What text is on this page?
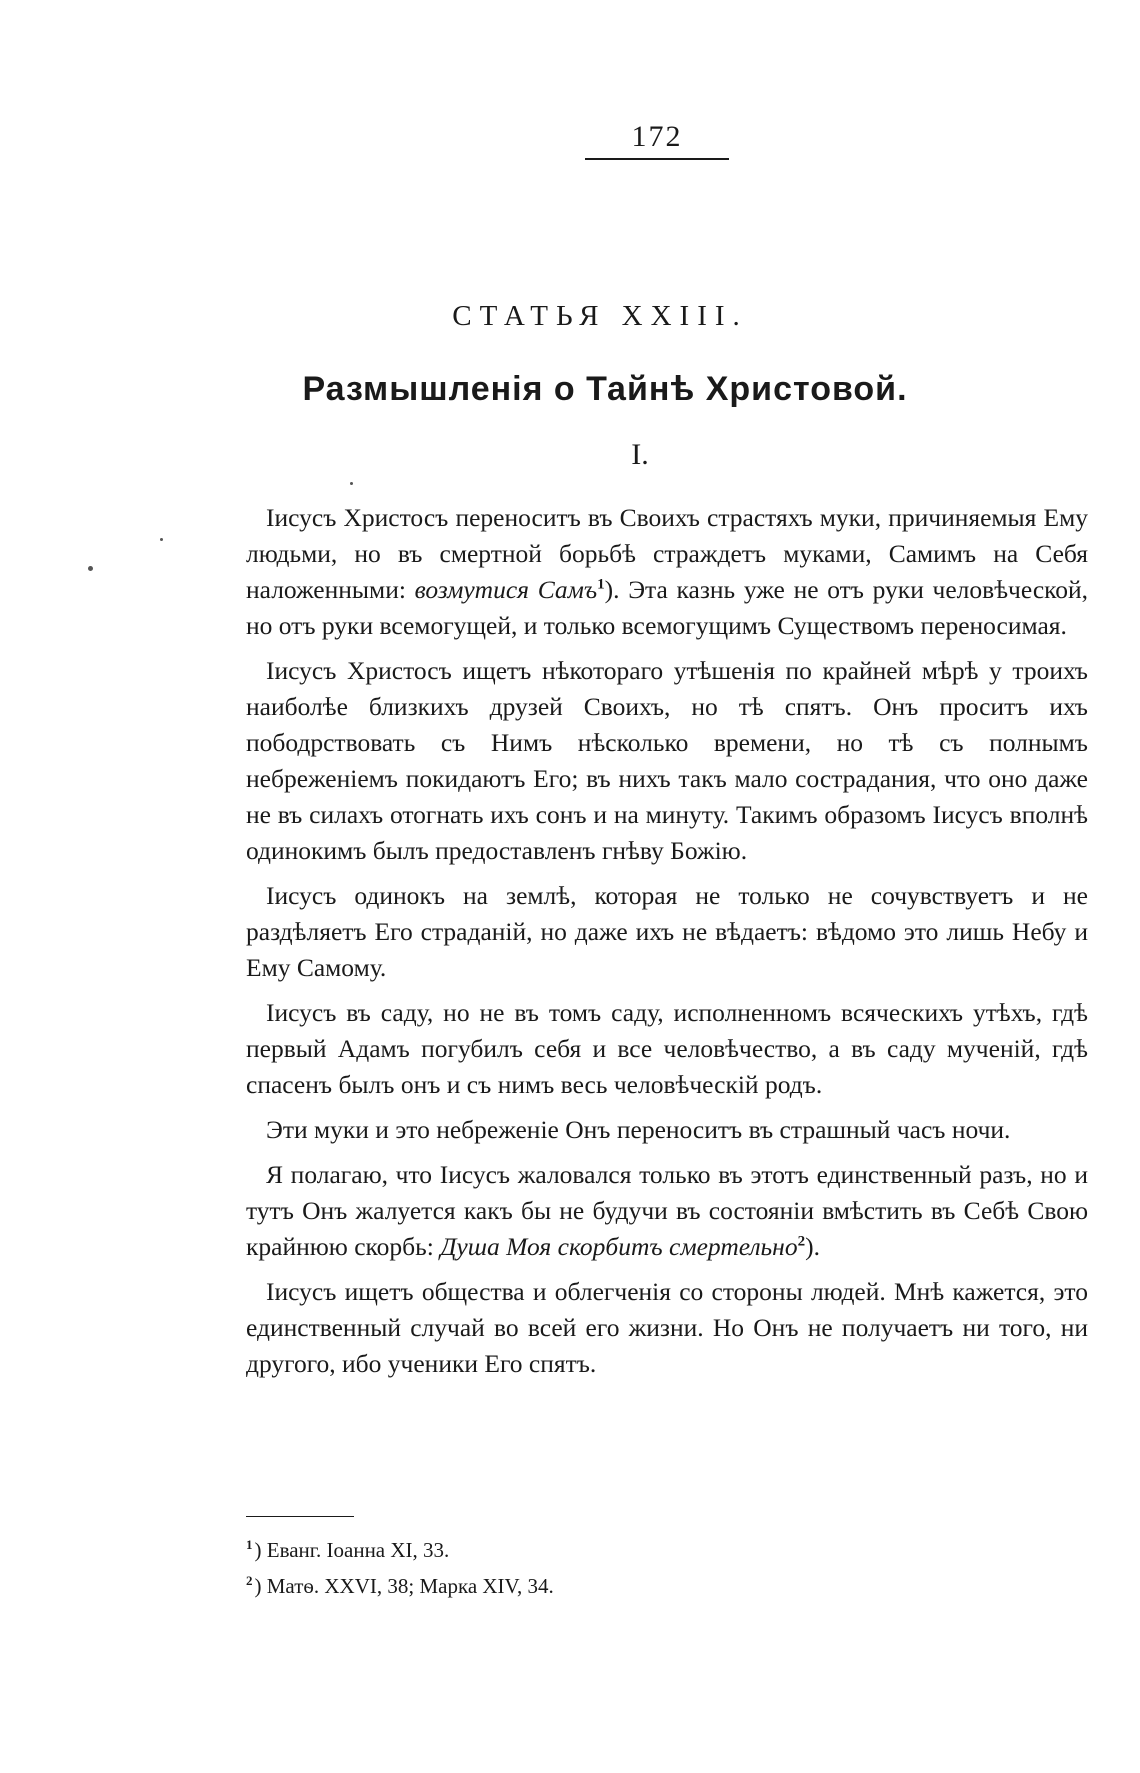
172
СТАТЬЯ XXIII.
Размышленія о Тайнѣ Христовой.
I.

Іисусъ Христосъ переноситъ въ Своихъ страстяхъ муки, причиняемыя Ему людьми, но въ смертной борьбѣ страждетъ муками, Самимъ на Себя наложенными: возмутися Самъ$^1$). Эта казнь уже не отъ руки человѣческой, но отъ руки всемогущей, и только всемогущимъ Существомъ переносимая.

Іисусъ Христосъ ищетъ нѣкотораго утѣшенія по крайней мѣрѣ у троихъ наиболѣе близкихъ друзей Своихъ, но тѣ спятъ. Онъ проситъ ихъ пободрствовать съ Нимъ нѣсколько времени, но тѣ съ полнымъ небреженіемъ покидаютъ Его; въ нихъ такъ мало сострадания, что оно даже не въ силахъ отогнать ихъ сонъ и на минуту. Такимъ образомъ Іисусъ вполнѣ одинокимъ былъ предоставленъ гнѣву Божію.

Іисусъ одинокъ на землѣ, которая не только не сочувствуетъ и не раздѣляетъ Его страданій, но даже ихъ не вѣдаетъ: вѣдомо это лишь Небу и Ему Самому.

Іисусъ въ саду, но не въ томъ саду, исполненномъ всяческихъ утѣхъ, гдѣ первый Адамъ погубилъ себя и все человѣчество, а въ саду мученій, гдѣ спасенъ былъ онъ и съ нимъ весь человѣческій родъ.

Эти муки и это небреженіе Онъ переноситъ въ страшный часъ ночи.

Я полагаю, что Іисусъ жаловался только въ этотъ единственный разъ, но и тутъ Онъ жалуется какъ бы не будучи въ состояніи вмѣстить въ Себѣ Свою крайнюю скорбь: Душа Моя скорбитъ смертельно$^2$).

Іисусъ ищетъ общества и облегченія со стороны людей. Мнѣ кажется, это единственный случай во всей его жизни. Но Онъ не получаетъ ни того, ни другого, ибо ученики Его спятъ.

$^1$) Еванг. Іоанна XI, 33.
$^2$) Матѳ. XXVI, 38; Марка XIV, 34.
